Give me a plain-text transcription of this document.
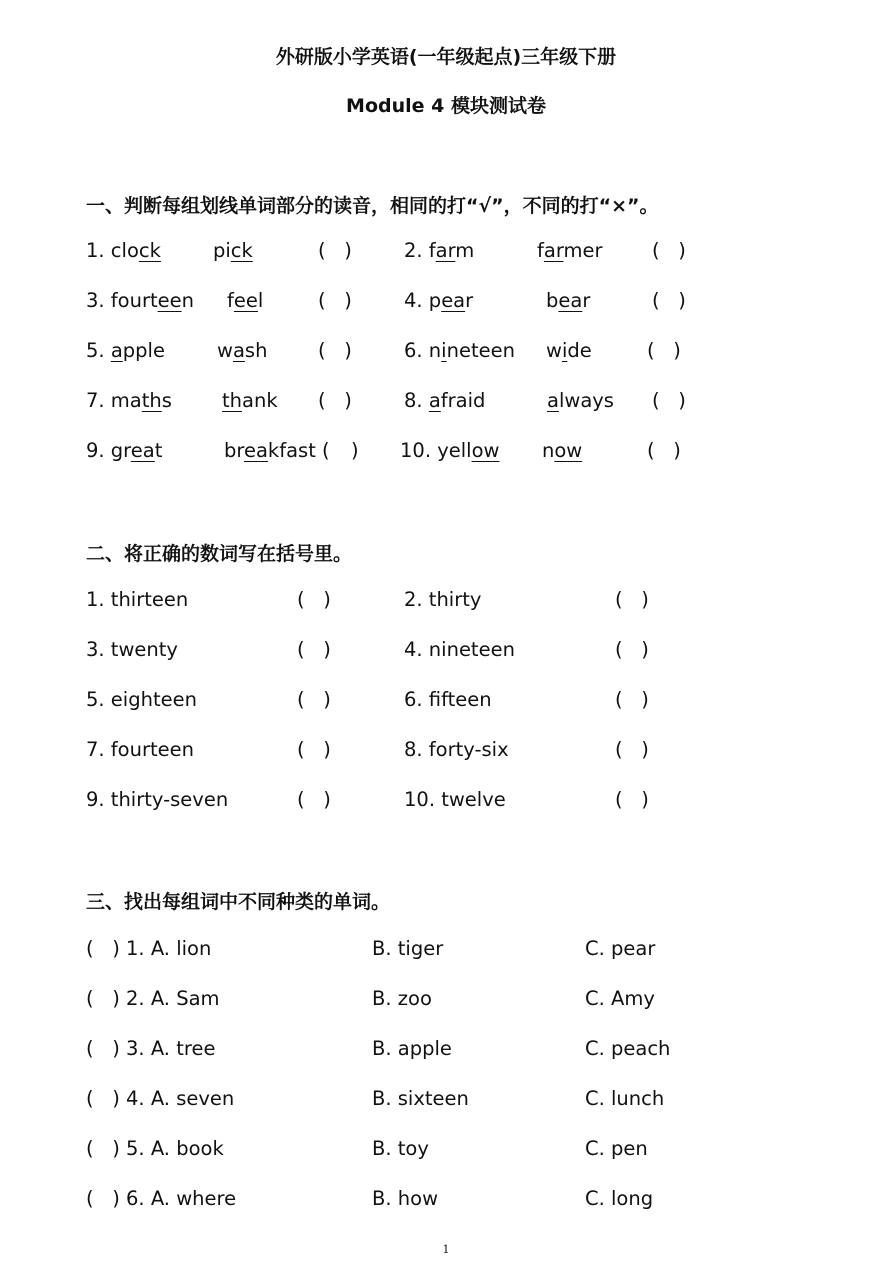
外研版小学英语(一年级起点)三年级下册
Module 4 模块测试卷
一、判断每组划线单词部分的读音，相同的打“√”，不同的打“×”。
1. clock	pick	(   )	2. farm	farmer	(   )
3. fourteen feel	(   )	4. pear	bear	(   )
5. apple	wash	(   )	6. nineteen wide	(   )
7. maths	thank (   )	8. afraid	always (   )
9. great	breakfast ( ) 10. yellow now	(   )
二、将正确的数词写在括号里。
1. thirteen	(   )	2. thirty	(   )
3. twenty	(   )	4. nineteen	(   )
5. eighteen	(   )	6. fifteen	(   )
7. fourteen	(   )	8. forty-six	(   )
9. thirty-seven	(   )	10. twelve	(   )
三、找出每组词中不同种类的单词。
(   ) 1. A. lion	B. tiger	C. pear
(   ) 2. A. Sam	B. zoo	C. Amy
(   ) 3. A. tree	B. apple	C. peach
(   ) 4. A. seven	B. sixteen	C. lunch
(   ) 5. A. book	B. toy	C. pen
(   ) 6. A. where	B. how	C. long
1
